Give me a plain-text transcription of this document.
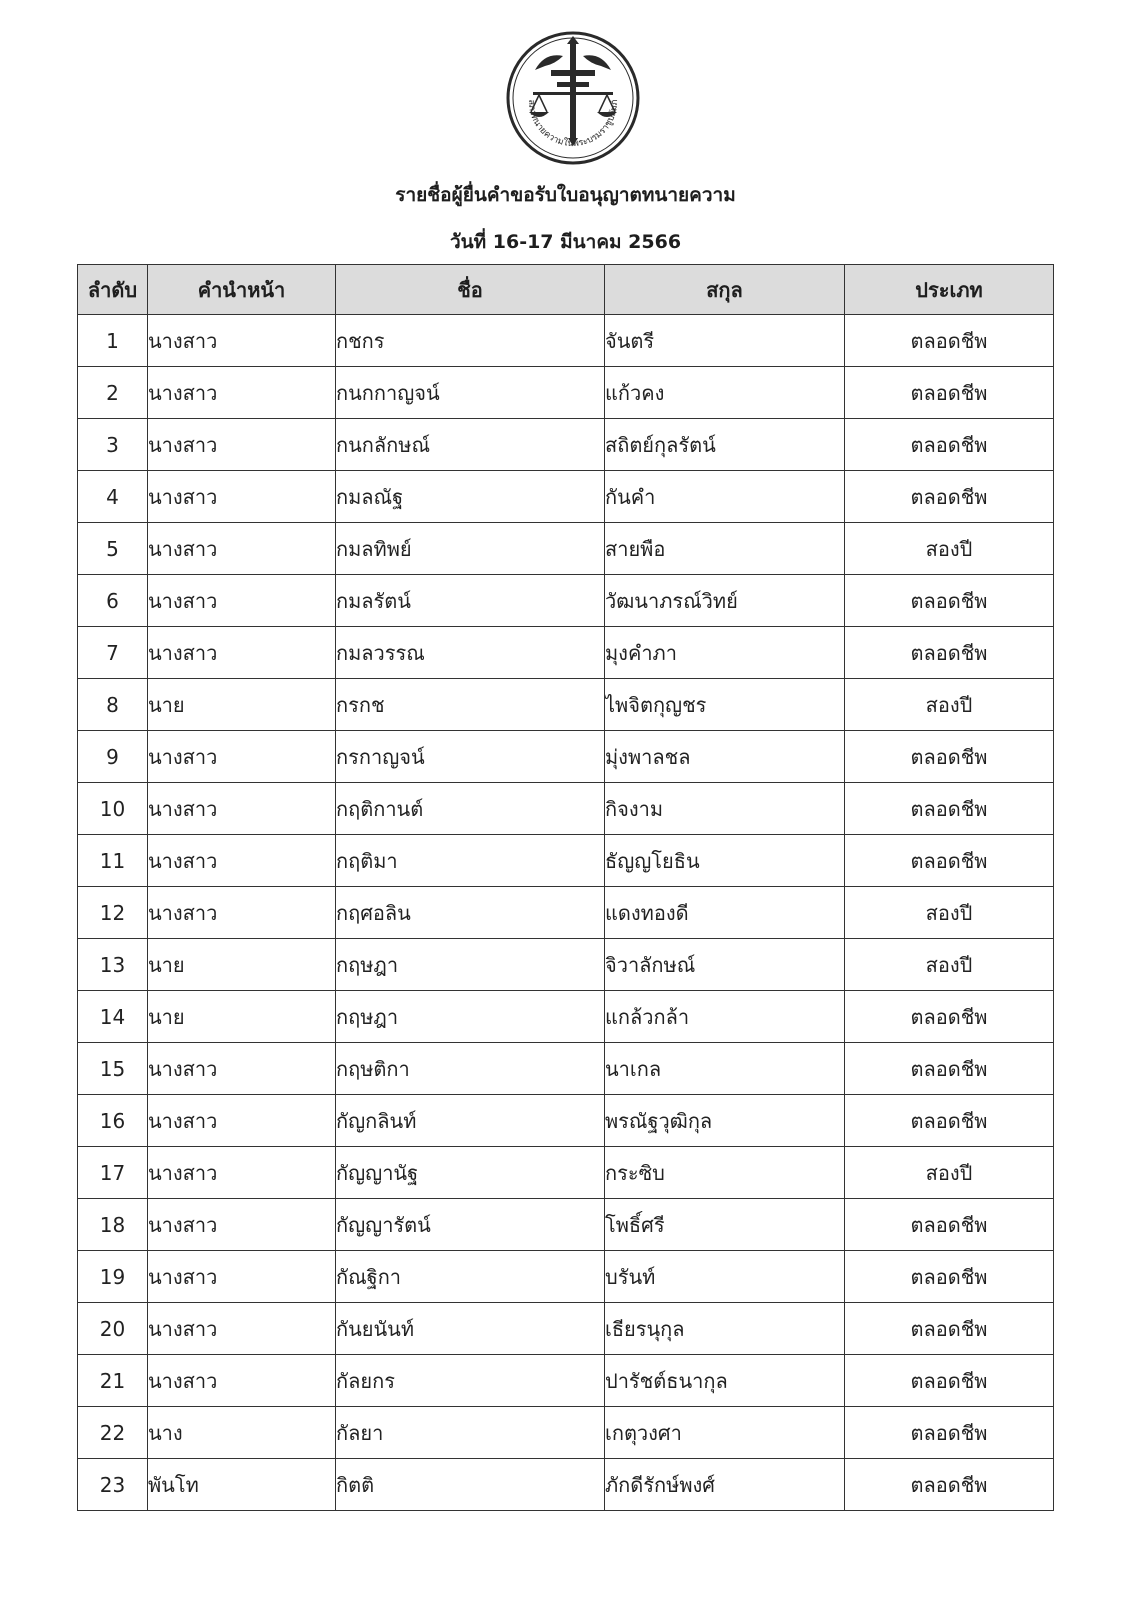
สภาทนายความในพระบรมราชูปถัมภ์
รายชื่อผู้ยื่นคำขอรับใบอนุญาตทนายความ
วันที่ 16-17 มีนาคม 2566
ลำดับ	คำนำหน้า	ชื่อ	สกุล	ประเภท
1	นางสาว	กชกร	จันตรี	ตลอดชีพ
2	นางสาว	กนกกาญจน์	แก้วคง	ตลอดชีพ
3	นางสาว	กนกลักษณ์	สถิตย์กุลรัตน์	ตลอดชีพ
4	นางสาว	กมลณัฐ	กันคำ	ตลอดชีพ
5	นางสาว	กมลทิพย์	สายพือ	สองปี
6	นางสาว	กมลรัตน์	วัฒนาภรณ์วิทย์	ตลอดชีพ
7	นางสาว	กมลวรรณ	มุงคำภา	ตลอดชีพ
8	นาย	กรกช	ไพจิตกุญชร	สองปี
9	นางสาว	กรกาญจน์	มุ่งพาลชล	ตลอดชีพ
10	นางสาว	กฤติกานต์	กิจงาม	ตลอดชีพ
11	นางสาว	กฤติมา	ธัญญโยธิน	ตลอดชีพ
12	นางสาว	กฤศอลิน	แดงทองดี	สองปี
13	นาย	กฤษฎา	จิวาลักษณ์	สองปี
14	นาย	กฤษฎา	แกล้วกล้า	ตลอดชีพ
15	นางสาว	กฤษติกา	นาเกล	ตลอดชีพ
16	นางสาว	กัญกลินท์	พรณัฐวุฒิกุล	ตลอดชีพ
17	นางสาว	กัญญานัฐ	กระซิบ	สองปี
18	นางสาว	กัญญารัตน์	โพธิ์ศรี	ตลอดชีพ
19	นางสาว	กัณฐิกา	บรันท์	ตลอดชีพ
20	นางสาว	กันยนันท์	เธียรนุกุล	ตลอดชีพ
21	นางสาว	กัลยกร	ปารัชต์ธนากุล	ตลอดชีพ
22	นาง	กัลยา	เกตุวงศา	ตลอดชีพ
23	พันโท	กิตติ	ภักดีรักษ์พงศ์	ตลอดชีพ
